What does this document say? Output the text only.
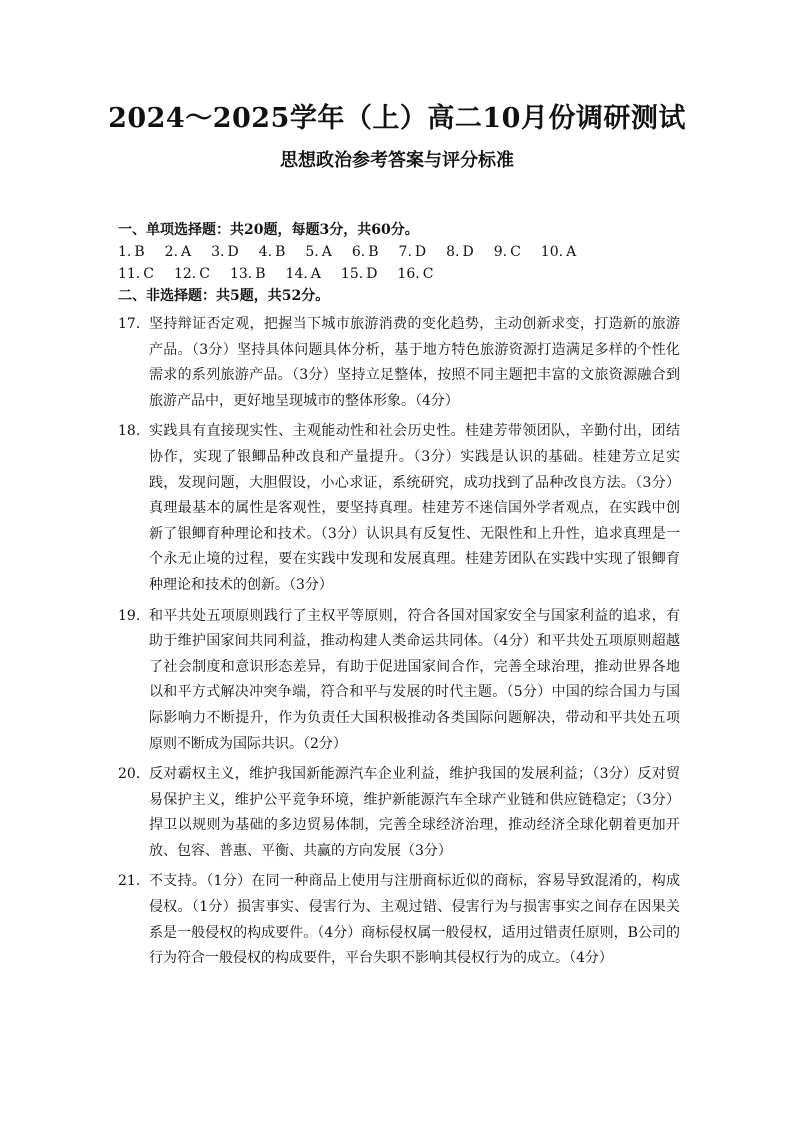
2024～2025学年（上）高二10月份调研测试
思想政治参考答案与评分标准
一、单项选择题：共20题，每题3分，共60分。
1. B 2. A 3. D 4. B 5. A 6. B 7. D 8. D 9. C 10. A
11. C 12. C 13. B 14. A 15. D 16. C
二、非选择题：共5题，共52分。
17. 坚持辩证否定观，把握当下城市旅游消费的变化趋势，主动创新求变，打造新的旅游产品。（3分）坚持具体问题具体分析，基于地方特色旅游资源打造满足多样的个性化需求的系列旅游产品。（3分）坚持立足整体，按照不同主题把丰富的文旅资源融合到旅游产品中，更好地呈现城市的整体形象。（4分）
18. 实践具有直接现实性、主观能动性和社会历史性。桂建芳带领团队，辛勤付出，团结协作，实现了银鲫品种改良和产量提升。（3分）实践是认识的基础。桂建芳立足实践，发现问题，大胆假设，小心求证，系统研究，成功找到了品种改良方法。（3分）真理最基本的属性是客观性，要坚持真理。桂建芳不迷信国外学者观点，在实践中创新了银鲫育种理论和技术。（3分）认识具有反复性、无限性和上升性，追求真理是一个永无止境的过程，要在实践中发现和发展真理。桂建芳团队在实践中实现了银鲫育种理论和技术的创新。（3分）
19. 和平共处五项原则践行了主权平等原则，符合各国对国家安全与国家利益的追求，有助于维护国家间共同利益，推动构建人类命运共同体。（4分）和平共处五项原则超越了社会制度和意识形态差异，有助于促进国家间合作，完善全球治理，推动世界各地以和平方式解决冲突争端，符合和平与发展的时代主题。（5分）中国的综合国力与国际影响力不断提升，作为负责任大国积极推动各类国际问题解决，带动和平共处五项原则不断成为国际共识。（2分）
20. 反对霸权主义，维护我国新能源汽车企业利益，维护我国的发展利益；（3分）反对贸易保护主义，维护公平竞争环境，维护新能源汽车全球产业链和供应链稳定；（3分）捍卫以规则为基础的多边贸易体制，完善全球经济治理，推动经济全球化朝着更加开放、包容、普惠、平衡、共赢的方向发展（3分）
21. 不支持。（1分）在同一种商品上使用与注册商标近似的商标，容易导致混淆的，构成侵权。（1分）损害事实、侵害行为、主观过错、侵害行为与损害事实之间存在因果关系是一般侵权的构成要件。（4分）商标侵权属一般侵权，适用过错责任原则，B公司的行为符合一般侵权的构成要件，平台失职不影响其侵权行为的成立。（4分）
